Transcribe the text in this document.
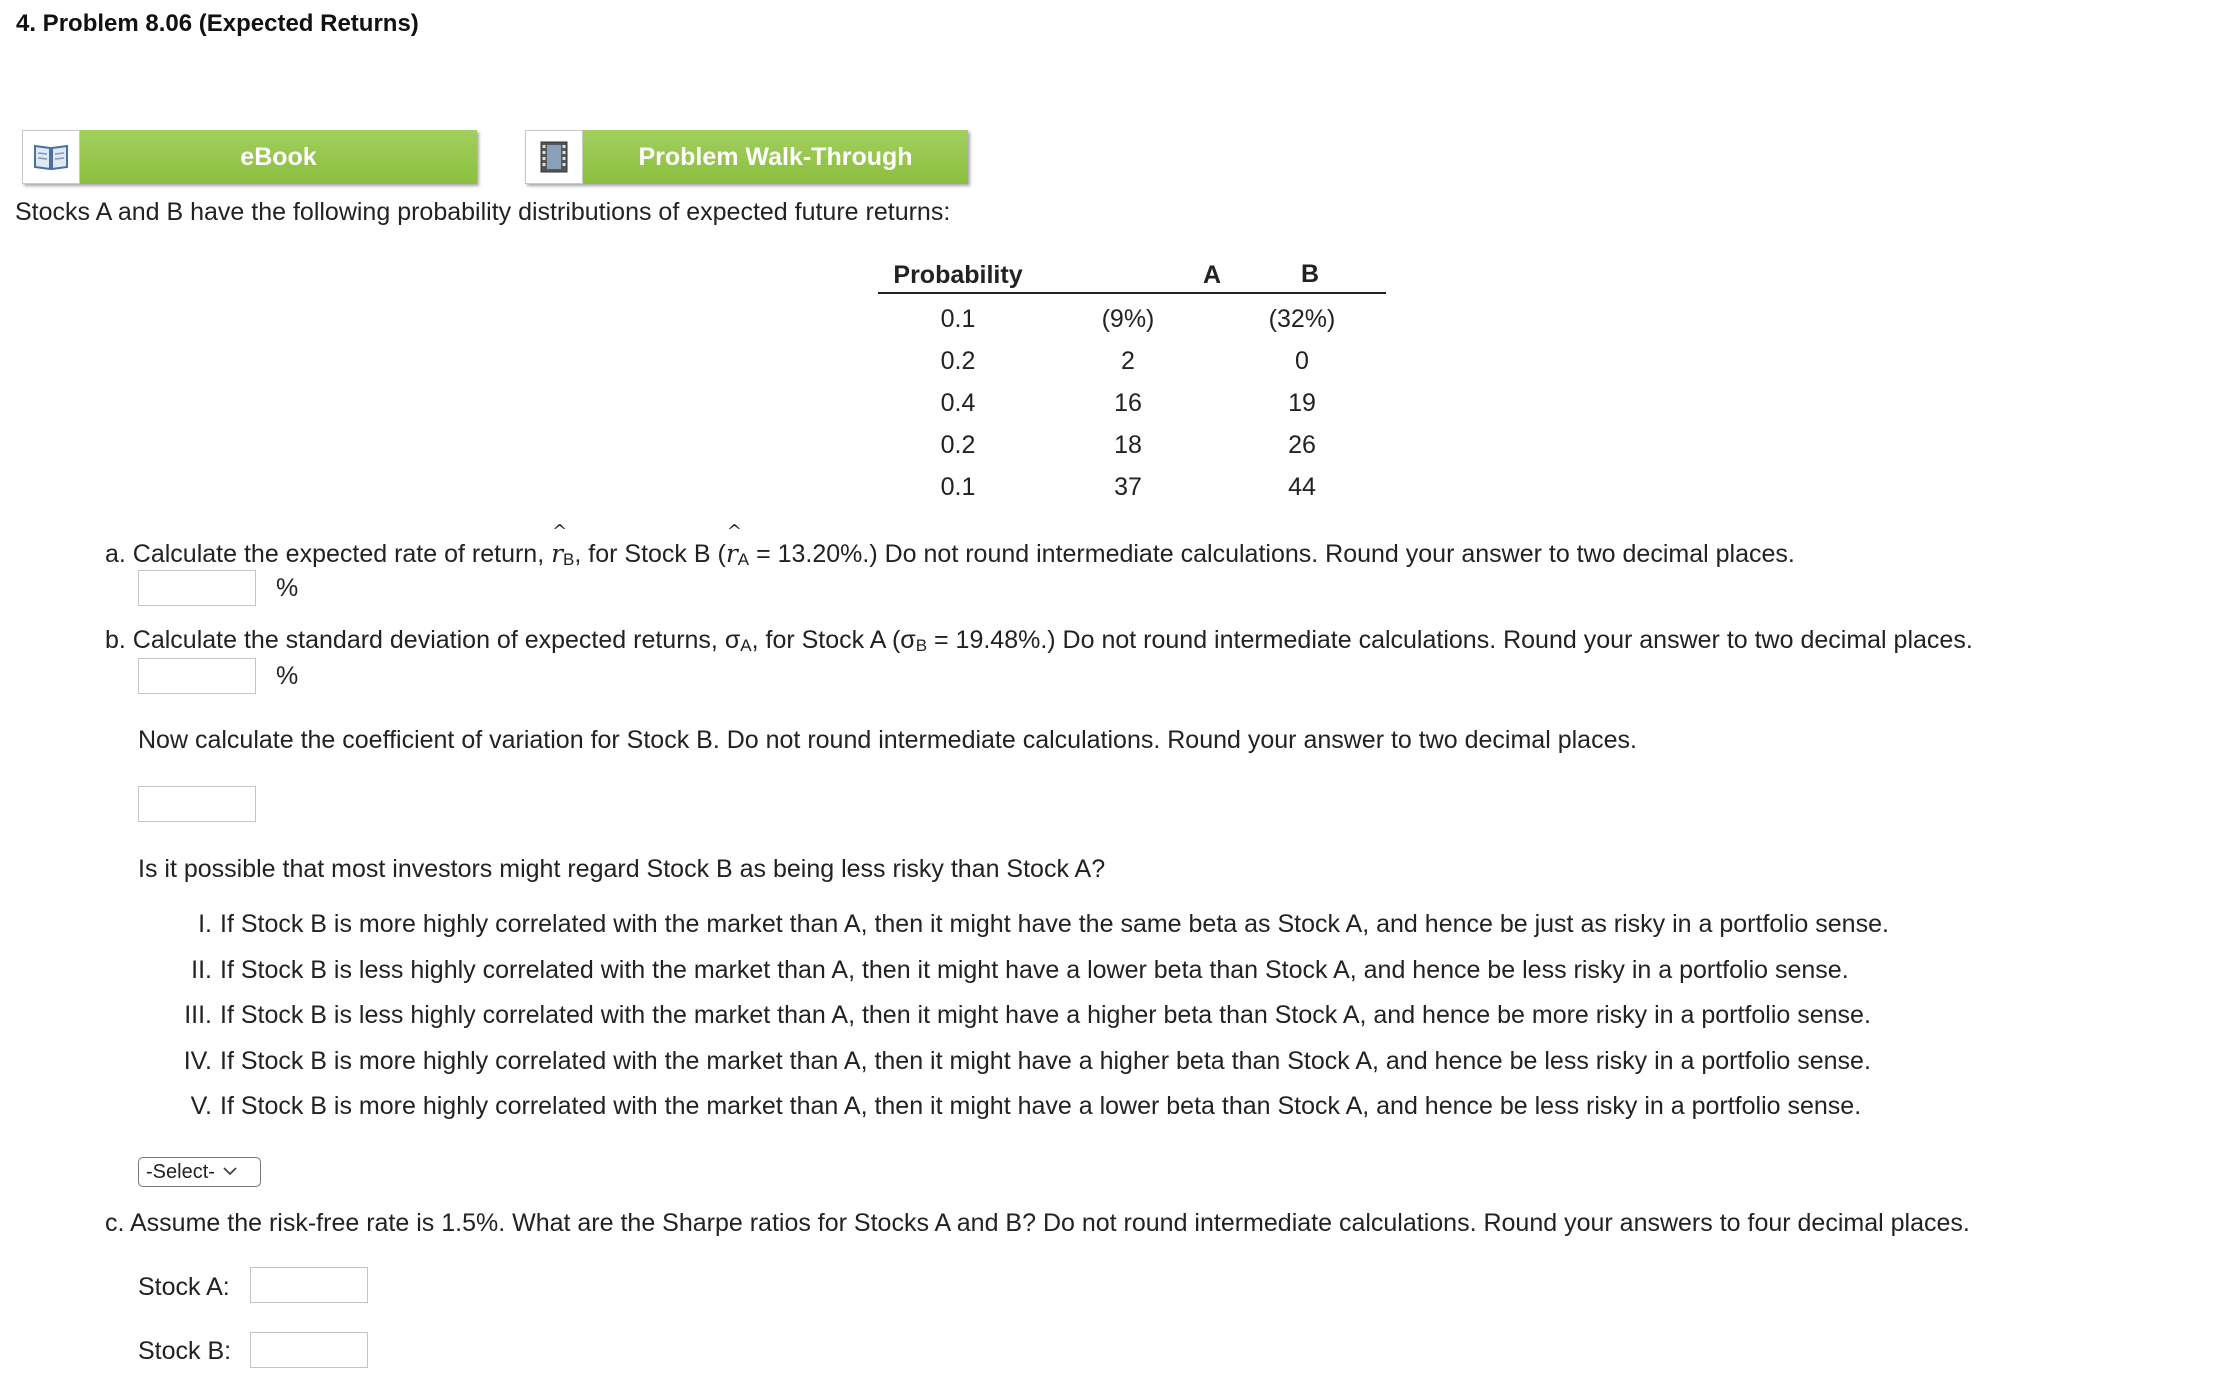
4. Problem 8.06 (Expected Returns)
eBook	Problem Walk-Through
Stocks A and B have the following probability distributions of expected future returns:
Probability	A		B
0.1	(9%)	(32%)
0.2	2	0
0.4	16	19
0.2	18	26
0.1	37	44
a. Calculate the expected rate of return,
^
rB, for Stock B (
^
rA = 13.20%.) Do not round intermediate calculations. Round your answer to two decimal places.
%
b. Calculate the standard deviation of expected returns, σA, for Stock A (σB = 19.48%.) Do not round intermediate calculations. Round your answer to two decimal places.
%
Now calculate the coefficient of variation for Stock B. Do not round intermediate calculations. Round your answer to two decimal places.
Is it possible that most investors might regard Stock B as being less risky than Stock A?
I. If Stock B is more highly correlated with the market than A, then it might have the same beta as Stock A, and hence be just as risky in a portfolio sense.
II. If Stock B is less highly correlated with the market than A, then it might have a lower beta than Stock A, and hence be less risky in a portfolio sense.
III. If Stock B is less highly correlated with the market than A, then it might have a higher beta than Stock A, and hence be more risky in a portfolio sense.
IV. If Stock B is more highly correlated with the market than A, then it might have a higher beta than Stock A, and hence be less risky in a portfolio sense.
V. If Stock B is more highly correlated with the market than A, then it might have a lower beta than Stock A, and hence be less risky in a portfolio sense.
-Select-
c. Assume the risk-free rate is 1.5%. What are the Sharpe ratios for Stocks A and B? Do not round intermediate calculations. Round your answers to four decimal places.
Stock A:
Stock B:
